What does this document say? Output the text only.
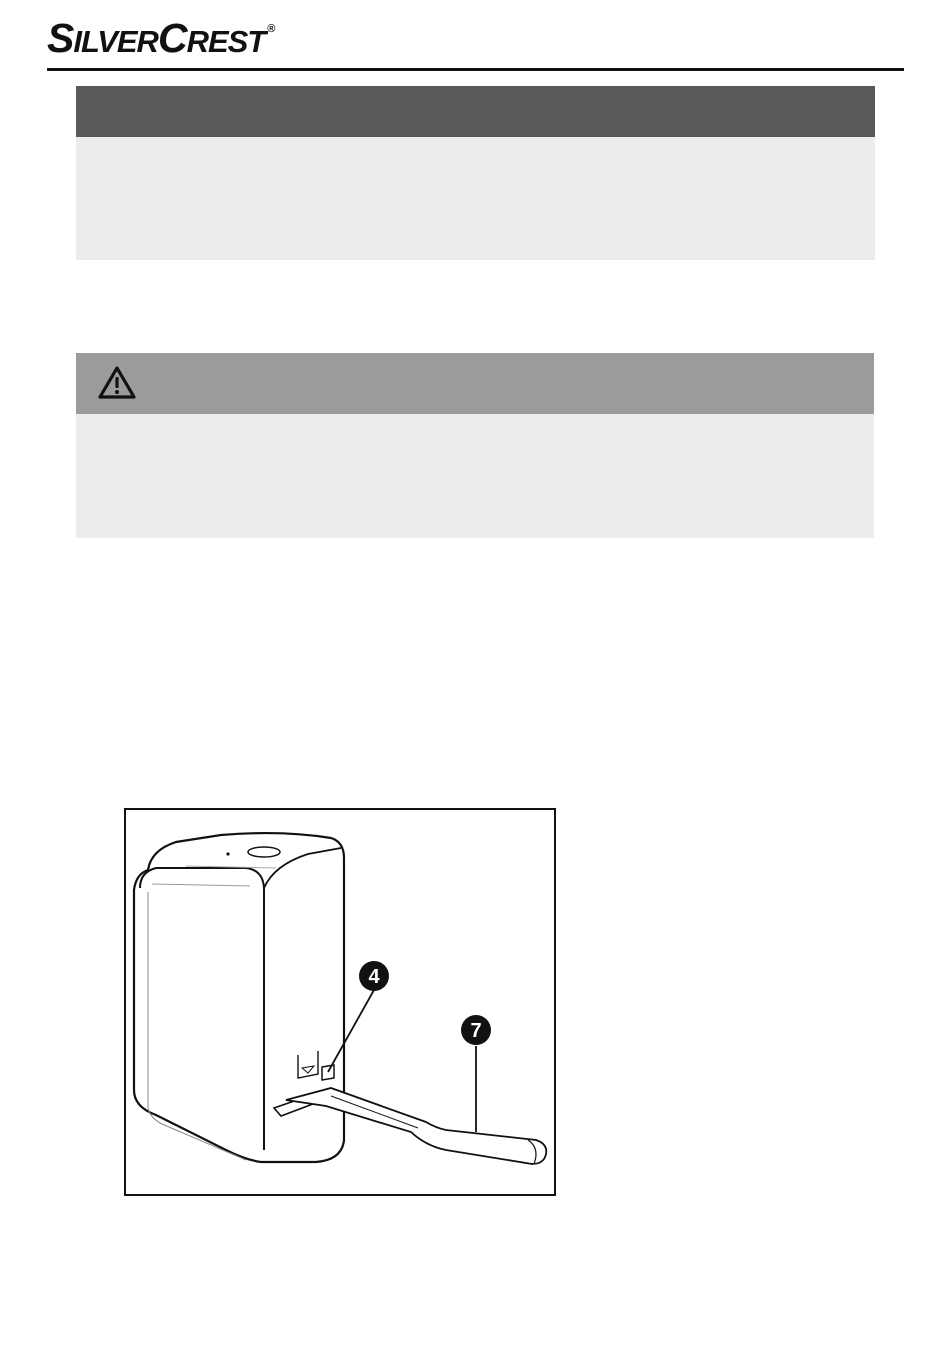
SILVERCREST ®
4
7
